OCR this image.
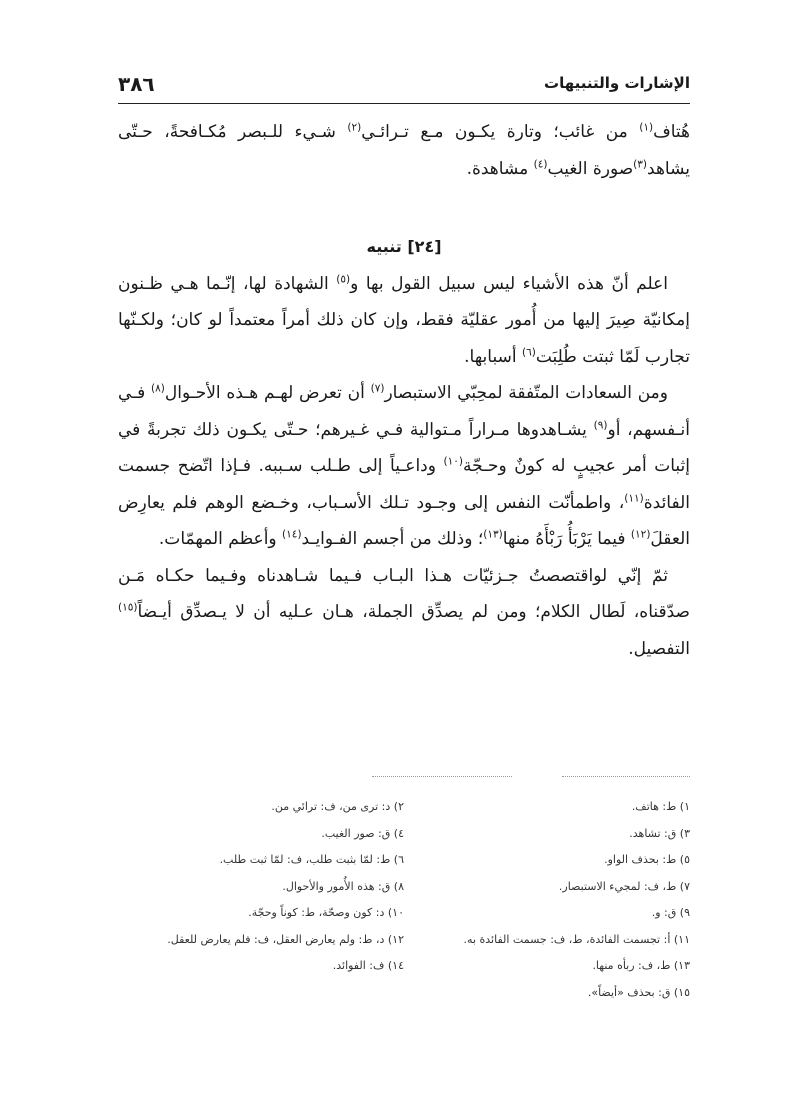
٣٨٦	الإشارات والتنبيهات

هُتاف$^{(١)}$ من غائب؛ وتارة يكـون مـع تـرائـي$^{(٢)}$ شـيء للـبصر مُكـافحةً، حـتّى يشاهد$^{(٣)}$صورة الغيب$^{(٤)}$ مشاهدة.

[٢٤] تنبيه

اعلم أنّ هذه الأشياء ليس سبيل القول بها و$^{(٥)}$ الشهادة لها، إنّـما هـي ظـنون إمكانيّة صِيرَ إليها من أُمور عقليّة فقط، وإن كان ذلك أمراً معتمداً لو كان؛ ولكـنّها تجارب لَمّا ثبتت طُلِبَت$^{(٦)}$ أسبابها.

ومن السعادات المتّفقة لمحِبّي الاستبصار$^{(٧)}$ أن تعرض لهـم هـذه الأحـوال$^{(٨)}$ فـي أنـفسهم، أو$^{(٩)}$ يشـاهدوها مـراراً مـتوالية فـي غـيرهم؛ حـتّى يكـون ذلك تجربةً في إثبات أمر عجيبٍ له كونٌ وحـجّة$^{(١٠)}$ وداعـياً إلى طـلب سـببه. فـإذا اتّضح جسمت الفائدة$^{(١١)}$، واطمأنّت النفس إلى وجـود تـلك الأسـباب، وخـضع الوهم فلم يعارِض العقلَ$^{(١٢)}$ فيما يَرْبَأُ رَبْأَهُ منها$^{(١٣)}$؛ وذلك من أجسم الفـوايـد$^{(١٤)}$ وأعظم المهمّات.

ثمّ إنّي لواقتصصتُ جـزئيّات هـذا البـاب فـيما شـاهدناه وفـيما حكـاه مَـن صدّقناه، لَطال الكلام؛ ومن لم يصدِّق الجملة، هـان عـليه أن لا يـصدِّق أيـضاً$^{(١٥)}$ التفصيل.

١) ط: هاتف.
٢) د: ترى من، ف: ترائي من.
٣) ق: تشاهد.
٤) ق: صور الغيب.
٥) ط: بحذف الواو.
٦) ط: لمّا بثبت طلب، ف: لمّا ثبت طلب.
٧) ط، ف: لمجيء الاستبصار.
٨) ق: هذه الأُمور والأحوال.
٩) ق: و.
١٠) د: كون وصحّة، ط: كوناً وحجّة.
١١) أ: تجسمت الفائدة، ط، ف: جسمت الفائدة به.
١٢) د، ط: ولم يعارض العقل، ف: فلم يعارض للعقل.
١٣) ط، ف: ربأه منها.
١٤) ف: الفوائد.
١٥) ق: بحذف «أيضاً».
